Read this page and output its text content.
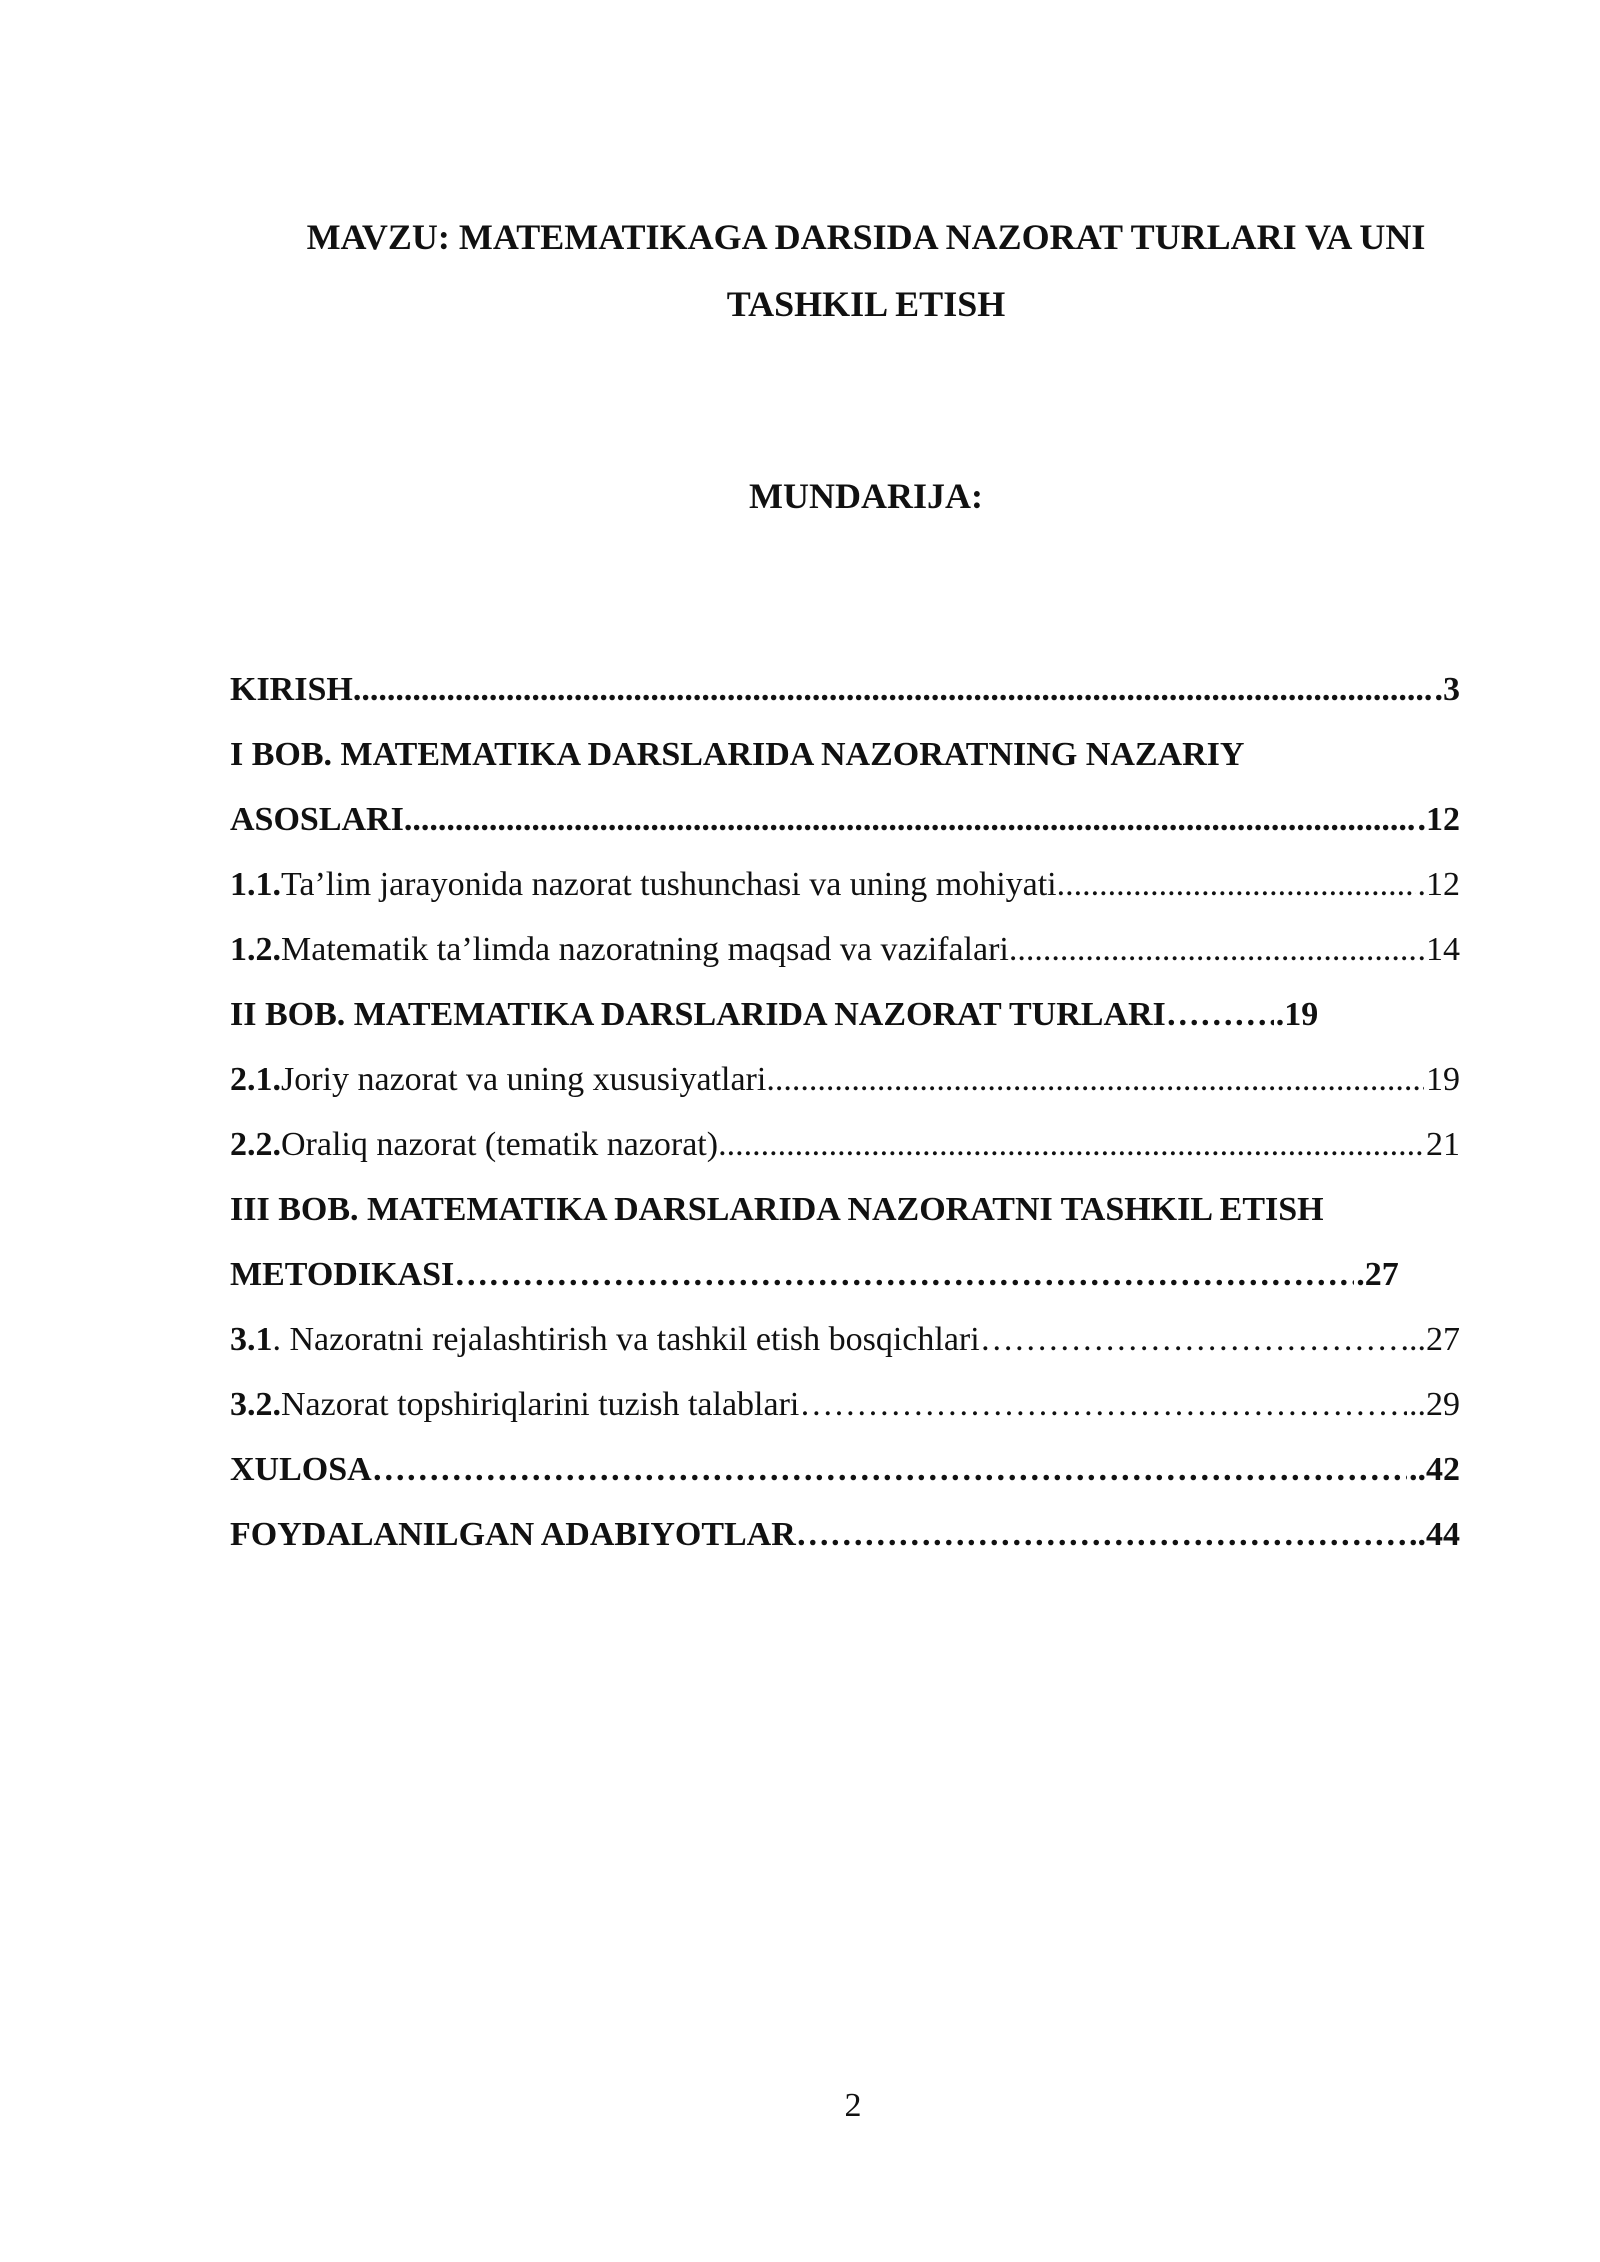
MAVZU: MATEMATIKAGA DARSIDA NAZORAT TURLARI VA UNI
TASHKIL ETISH
MUNDARIJA:
KIRISH .....	.3
I BOB. MATEMATIKA DARSLARIDA NAZORATNING NAZARIY
ASOSLARI .....	.12
1.1. Ta’lim jarayonida nazorat tushunchasi va uning mohiyati .....	.12
1.2. Matematik ta’limda nazoratning maqsad va vazifalari .....	.14
II BOB. MATEMATIKA DARSLARIDA NAZORAT TURLARI ……………………………………………………………………………………………………………………………………………………………………………………………………………………………………	.19
2.1. Joriy nazorat va uning xususiyatlari .....	19
2.2. Oraliq nazorat (tematik nazorat) .....	21
III BOB. MATEMATIKA DARSLARIDA NAZORATNI TASHKIL ETISH
METODIKASI ……………………………………………………………………………………………………………………………………………………………………………………………………………………………………	.27
3.1 . Nazoratni rejalashtirish va tashkil etish bosqichlari ……………………………………………………………………………………………………………………………………………………………………………………………………………………………………	..27
3.2. Nazorat topshiriqlarini tuzish talablari ……………………………………………………………………………………………………………………………………………………………………………………………………………………………………	..29
XULOSA ……………………………………………………………………………………………………………………………………………………………………………………………………………………………………	..42
FOYDALANILGAN ADABIYOTLAR ……………………………………………………………………………………………………………………………………………………………………………………………………………………………………	..44
2
